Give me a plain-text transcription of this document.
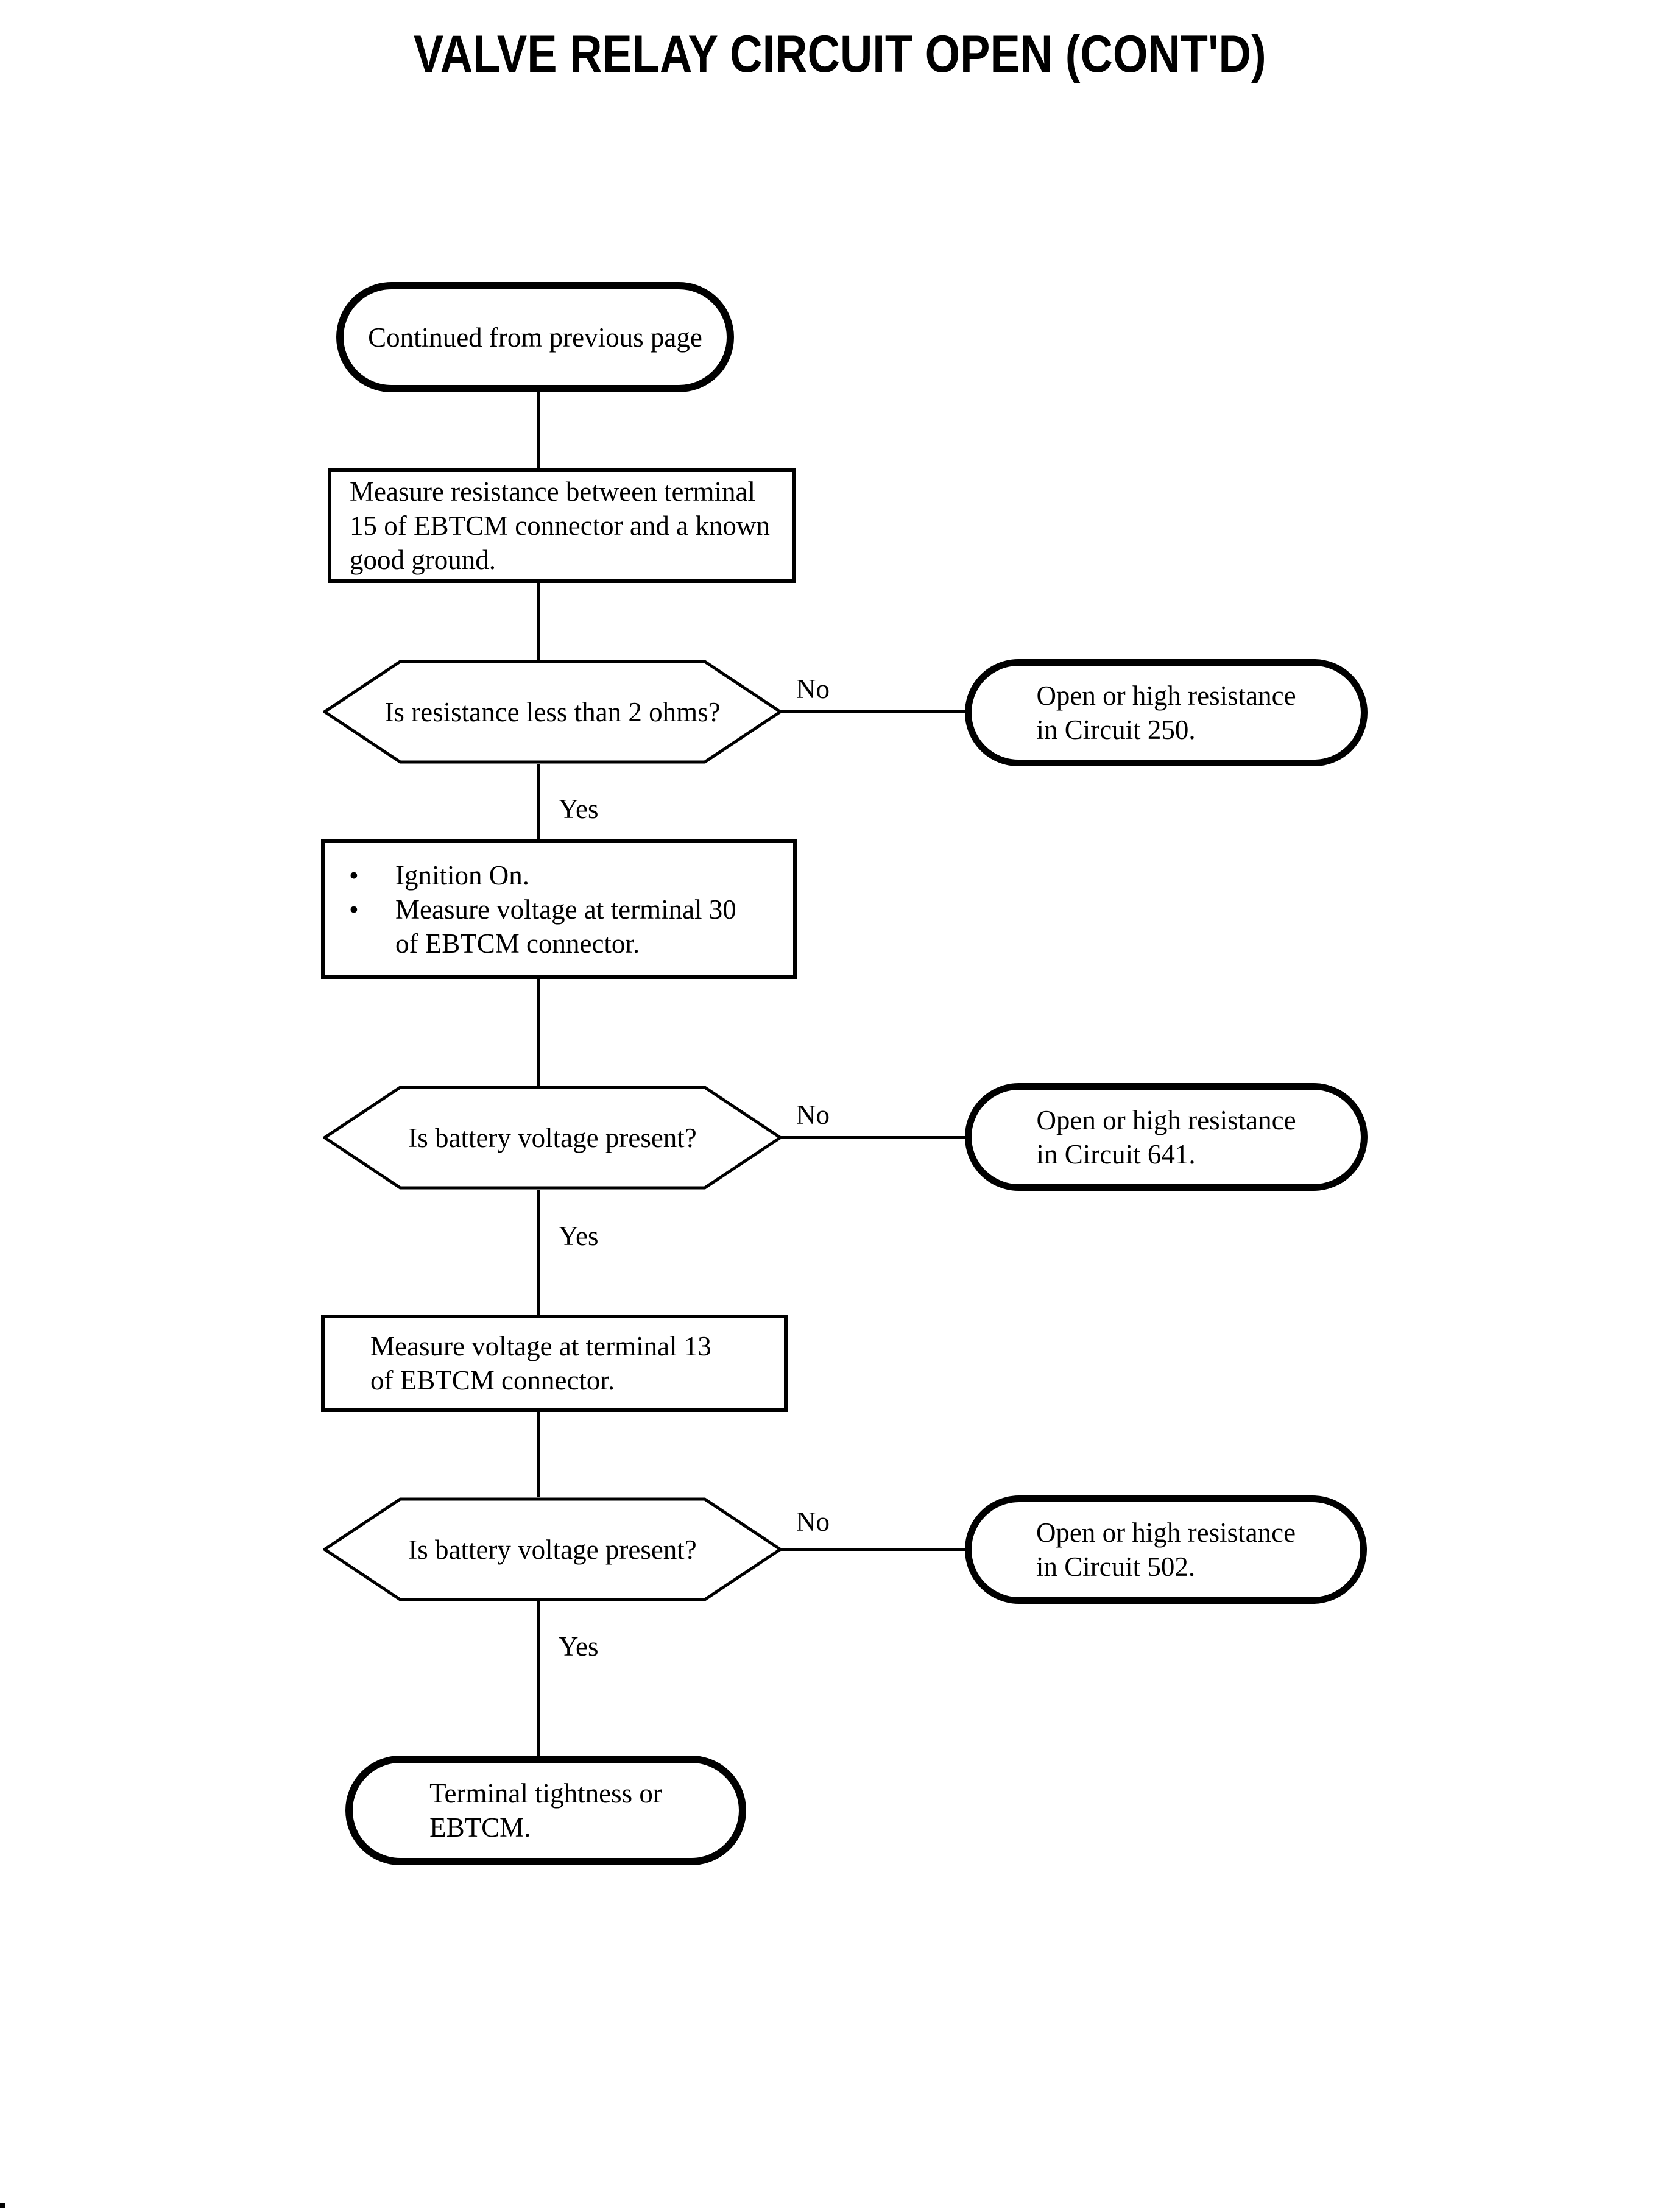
VALVE RELAY CIRCUIT OPEN (CONT'D)
Continued from previous page
Measure resistance between terminal
15 of EBTCM connector and a known
good ground.
Is resistance less than 2 ohms?
No	Open or high resistance
in Circuit 250.
Yes
•	Ignition On.
•	Measure voltage at terminal 30
of EBTCM connector.
Is battery voltage present?
No	Open or high resistance
in Circuit 641.
Yes
Measure voltage at terminal 13
of EBTCM connector.
Is battery voltage present?
No	Open or high resistance
in Circuit 502.
Yes
Terminal tightness or
EBTCM.
